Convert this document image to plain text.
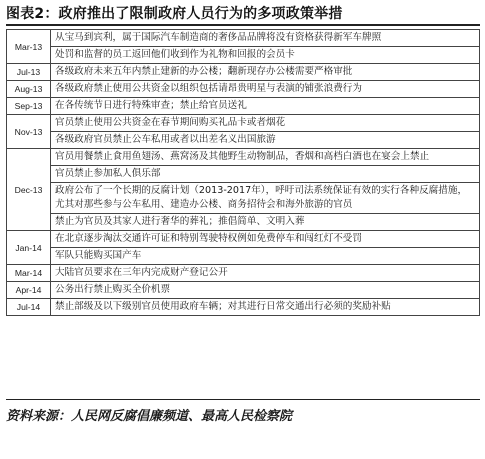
图表2：政府推出了限制政府人员行为的多项政策举措
Mar-13	从宝马到宾利，属于国际汽车制造商的奢侈品品牌将没有资格获得新军车牌照
	处罚和监督的员工返回他们收到作为礼物和回报的会员卡
Jul-13	各级政府未来五年内禁止建新的办公楼；翻新现存办公楼需要严格审批
Aug-13	各级政府禁止使用公共资金以组织包括请昂贵明星与表演的铺张浪费行为
Sep-13	在各传统节日进行特殊审查；禁止给官员送礼
Nov-13	官员禁止使用公共资金在春节期间购买礼品卡或者烟花
	各级政府官员禁止公车私用或者以出差名义出国旅游
Dec-13	官员用餐禁止食用鱼翅汤、燕窝汤及其他野生动物制品，香烟和高档白酒也在宴会上禁止
	官员禁止参加私人俱乐部
	政府公布了一个长期的反腐计划（2013-2017年），呼吁司法系统保证有效的实行各种反腐措施，尤其对那些参与公车私用、建造办公楼、商务招待会和海外旅游的官员
	禁止为官员及其家人进行奢华的葬礼；推倡简单、文明入葬
Jan-14	在北京逐步淘汰交通许可证和特别驾驶特权例如免费停车和闯红灯不受罚
	军队只能购买国产车
Mar-14	大陆官员要求在三年内完成财产登记公开
Apr-14	公务出行禁止购买全价机票
Jul-14	禁止部级及以下级别官员使用政府车辆；对其进行日常交通出行必须的奖励补贴
资料来源：人民网反腐倡廉频道、最高人民检察院
